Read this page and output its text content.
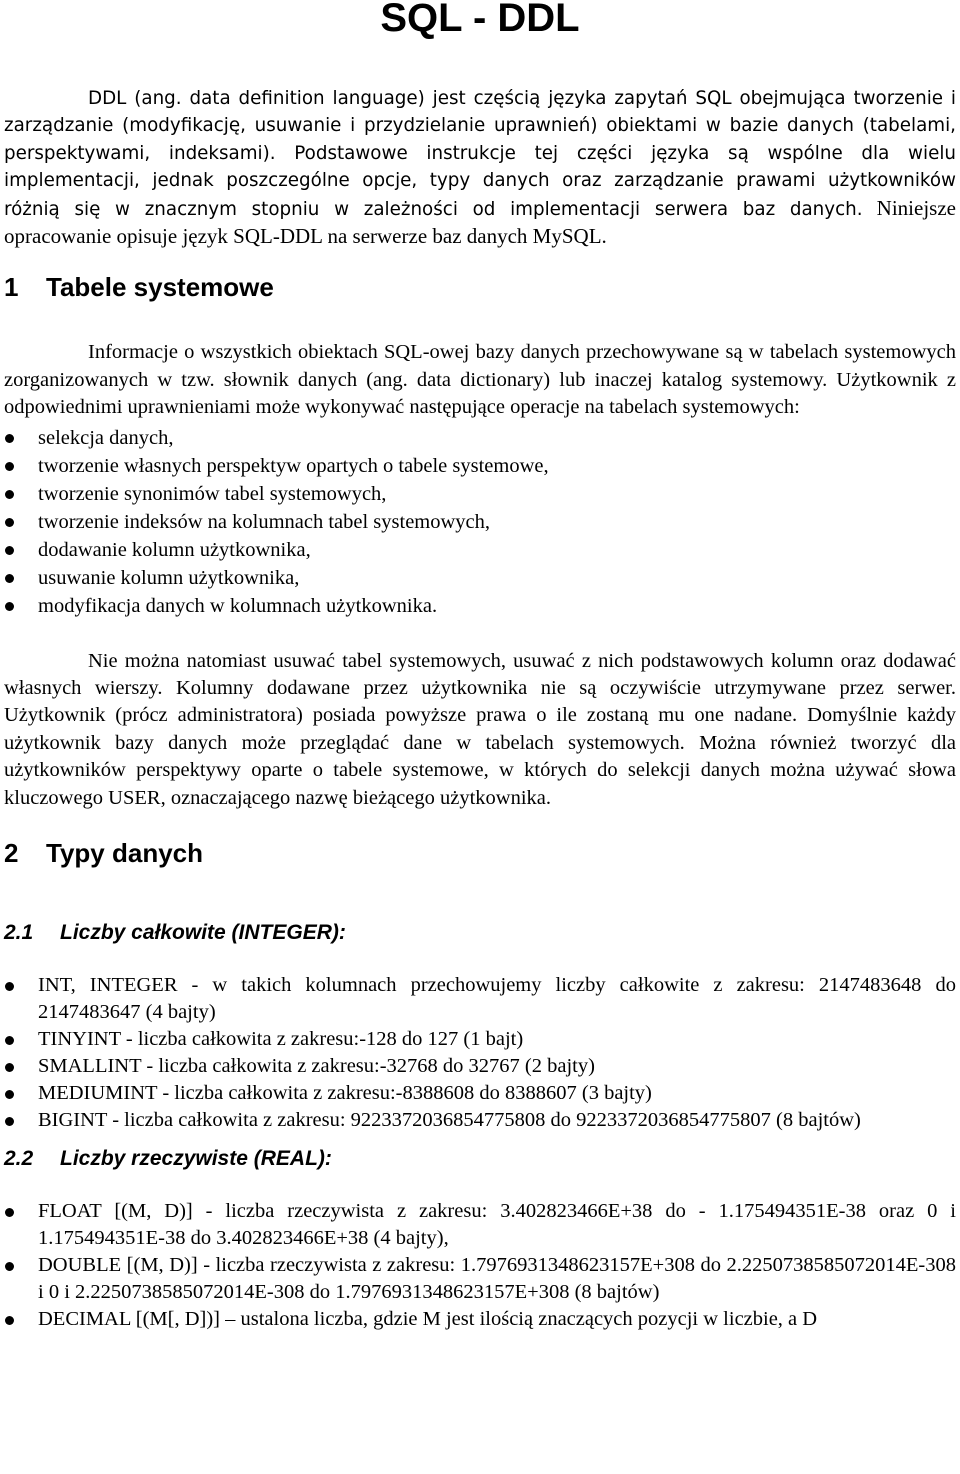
SQL - DDL

DDL (ang. data definition language) jest częścią języka zapytań SQL obejmująca tworzenie i zarządzanie (modyfikację, usuwanie i przydzielanie uprawnień) obiektami w bazie danych (tabelami, perspektywami, indeksami). Podstawowe instrukcje tej części języka są wspólne dla wielu implementacji, jednak poszczególne opcje, typy danych oraz zarządzanie prawami użytkowników różnią się w znacznym stopniu w zależności od implementacji serwera baz danych. Niniejsze opracowanie opisuje język SQL-DDL na serwerze baz danych MySQL.

1 Tabele systemowe

Informacje o wszystkich obiektach SQL-owej bazy danych przechowywane są w tabelach systemowych zorganizowanych w tzw. słownik danych (ang. data dictionary) lub inaczej katalog systemowy. Użytkownik z odpowiednimi uprawnieniami może wykonywać następujące operacje na tabelach systemowych:

selekcja danych,
tworzenie własnych perspektyw opartych o tabele systemowe,
tworzenie synonimów tabel systemowych,
tworzenie indeksów na kolumnach tabel systemowych,
dodawanie kolumn użytkownika,
usuwanie kolumn użytkownika,
modyfikacja danych w kolumnach użytkownika.

Nie można natomiast usuwać tabel systemowych, usuwać z nich podstawowych kolumn oraz dodawać własnych wierszy. Kolumny dodawane przez użytkownika nie są oczywiście utrzymywane przez serwer. Użytkownik (prócz administratora) posiada powyższe prawa o ile zostaną mu one nadane. Domyślnie każdy użytkownik bazy danych może przeglądać dane w tabelach systemowych. Można również tworzyć dla użytkowników perspektywy oparte o tabele systemowe, w których do selekcji danych można używać słowa kluczowego USER, oznaczającego nazwę bieżącego użytkownika.

2 Typy danych
2.1 Liczby całkowite (INTEGER):
INT, INTEGER - w takich kolumnach przechowujemy liczby całkowite z zakresu: 2147483648 do 2147483647 (4 bajty)
TINYINT - liczba całkowita z zakresu:-128 do 127 (1 bajt)
SMALLINT - liczba całkowita z zakresu:-32768 do 32767 (2 bajty)
MEDIUMINT - liczba całkowita z zakresu:-8388608 do 8388607 (3 bajty)
BIGINT - liczba całkowita z zakresu: 9223372036854775808 do 9223372036854775807 (8 bajtów)
2.2 Liczby rzeczywiste (REAL):
FLOAT [(M, D)] - liczba rzeczywista z zakresu: 3.402823466E+38 do - 1.175494351E-38 oraz 0 i 1.175494351E-38 do 3.402823466E+38 (4 bajty),
DOUBLE [(M, D)] - liczba rzeczywista z zakresu: 1.7976931348623157E+308 do 2.2250738585072014E-308 i 0 i 2.2250738585072014E-308 do 1.7976931348623157E+308 (8 bajtów)
DECIMAL [(M[, D])] – ustalona liczba, gdzie M jest ilością znaczących pozycji w liczbie, a D
